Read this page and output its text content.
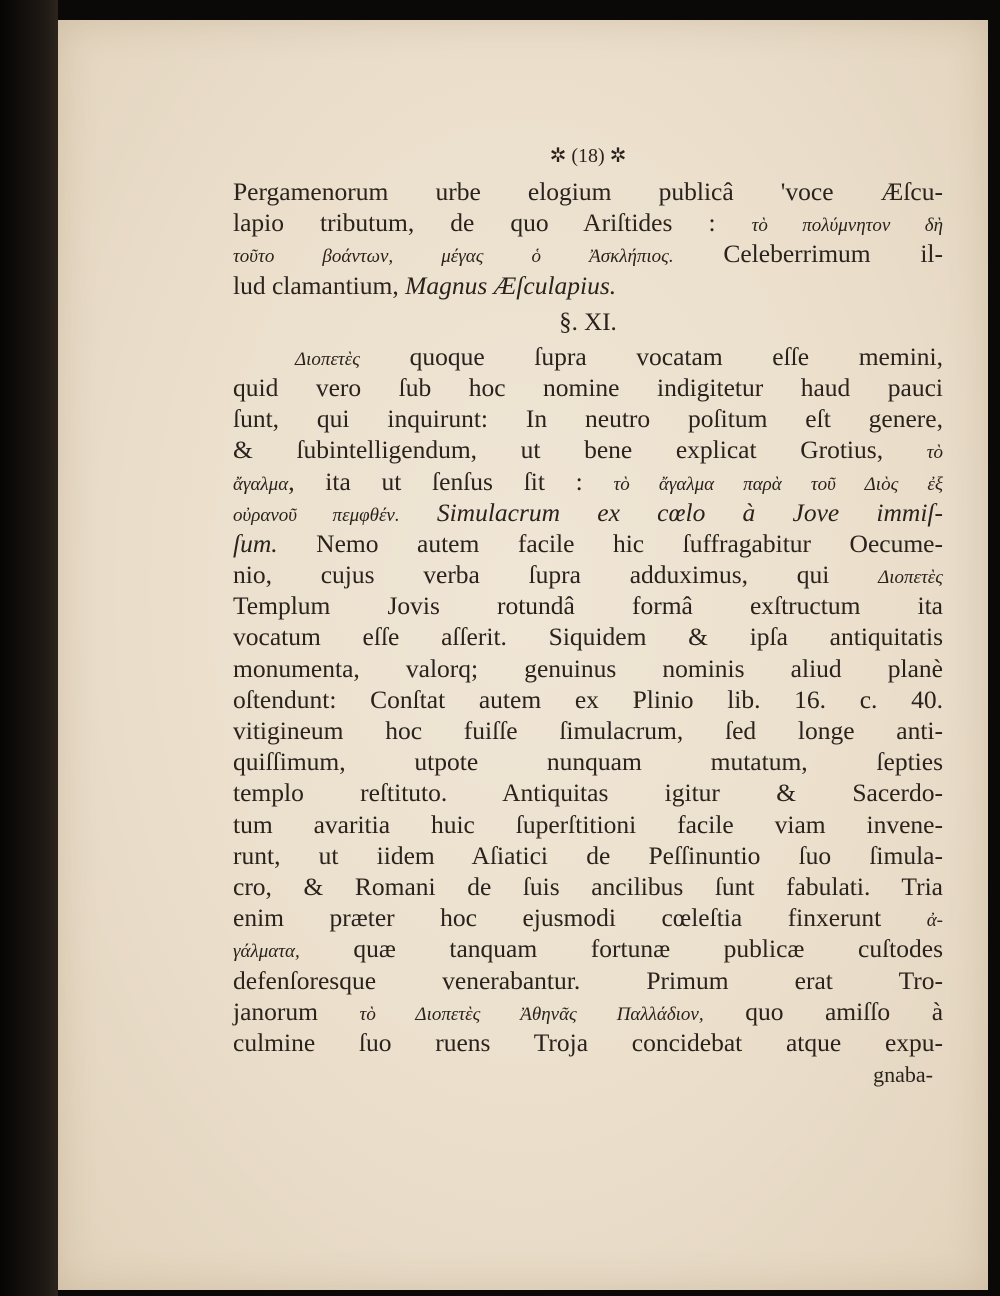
✲ (18) ✲
Pergamenorum urbe elogium publicâ 'voce Æſcu-
lapio tributum, de quo Ariſtides : τὸ πολύμνητον δὴ
τοῦτο βοάντων, μέγας ὁ Ἀσκλήπιος. Celeberrimum il-
lud clamantium, Magnus Æſculapius.
§. XI.
Διοπετὲς quoque ſupra vocatam eſſe memini,
quid vero ſub hoc nomine indigitetur haud pauci
ſunt, qui inquirunt: In neutro poſitum eſt genere,
& ſubintelligendum, ut bene explicat Grotius, τὸ
ἄγαλμα, ita ut ſenſus ſit : τὸ ἄγαλμα παρὰ τοῦ Διὸς ἐξ
οὐρανοῦ πεμφθέν. Simulacrum ex cœlo à Jove immiſ-
ſum. Nemo autem facile hic ſuffragabitur Oecume-
nio, cujus verba ſupra adduximus, qui	Διοπετὲς
Templum Jovis rotundâ formâ exſtructum ita
vocatum eſſe aſſerit. Siquidem & ipſa antiquitatis
monumenta, valorq; genuinus nominis aliud planè
oſtendunt: Conſtat autem ex Plinio lib. 16. c. 40.
vitigineum hoc fuiſſe ſimulacrum, ſed longe anti-
quiſſimum, utpote nunquam mutatum, ſepties
templo reſtituto. Antiquitas igitur & Sacerdo-
tum avaritia huic ſuperſtitioni facile viam invene-
runt, ut iidem Aſiatici de Peſſinuntio ſuo ſimula-
cro, & Romani de ſuis ancilibus ſunt fabulati. Tria
enim præter hoc ejusmodi cœleſtia finxerunt ἀ-
γάλματα, quæ tanquam fortunæ publicæ cuſtodes
defenſoresque venerabantur. Primum erat Tro-
janorum τὸ Διοπετὲς Ἀθηνᾶς Παλλάδιον, quo amiſſo à
culmine ſuo ruens Troja concidebat atque expu-
gnaba-
